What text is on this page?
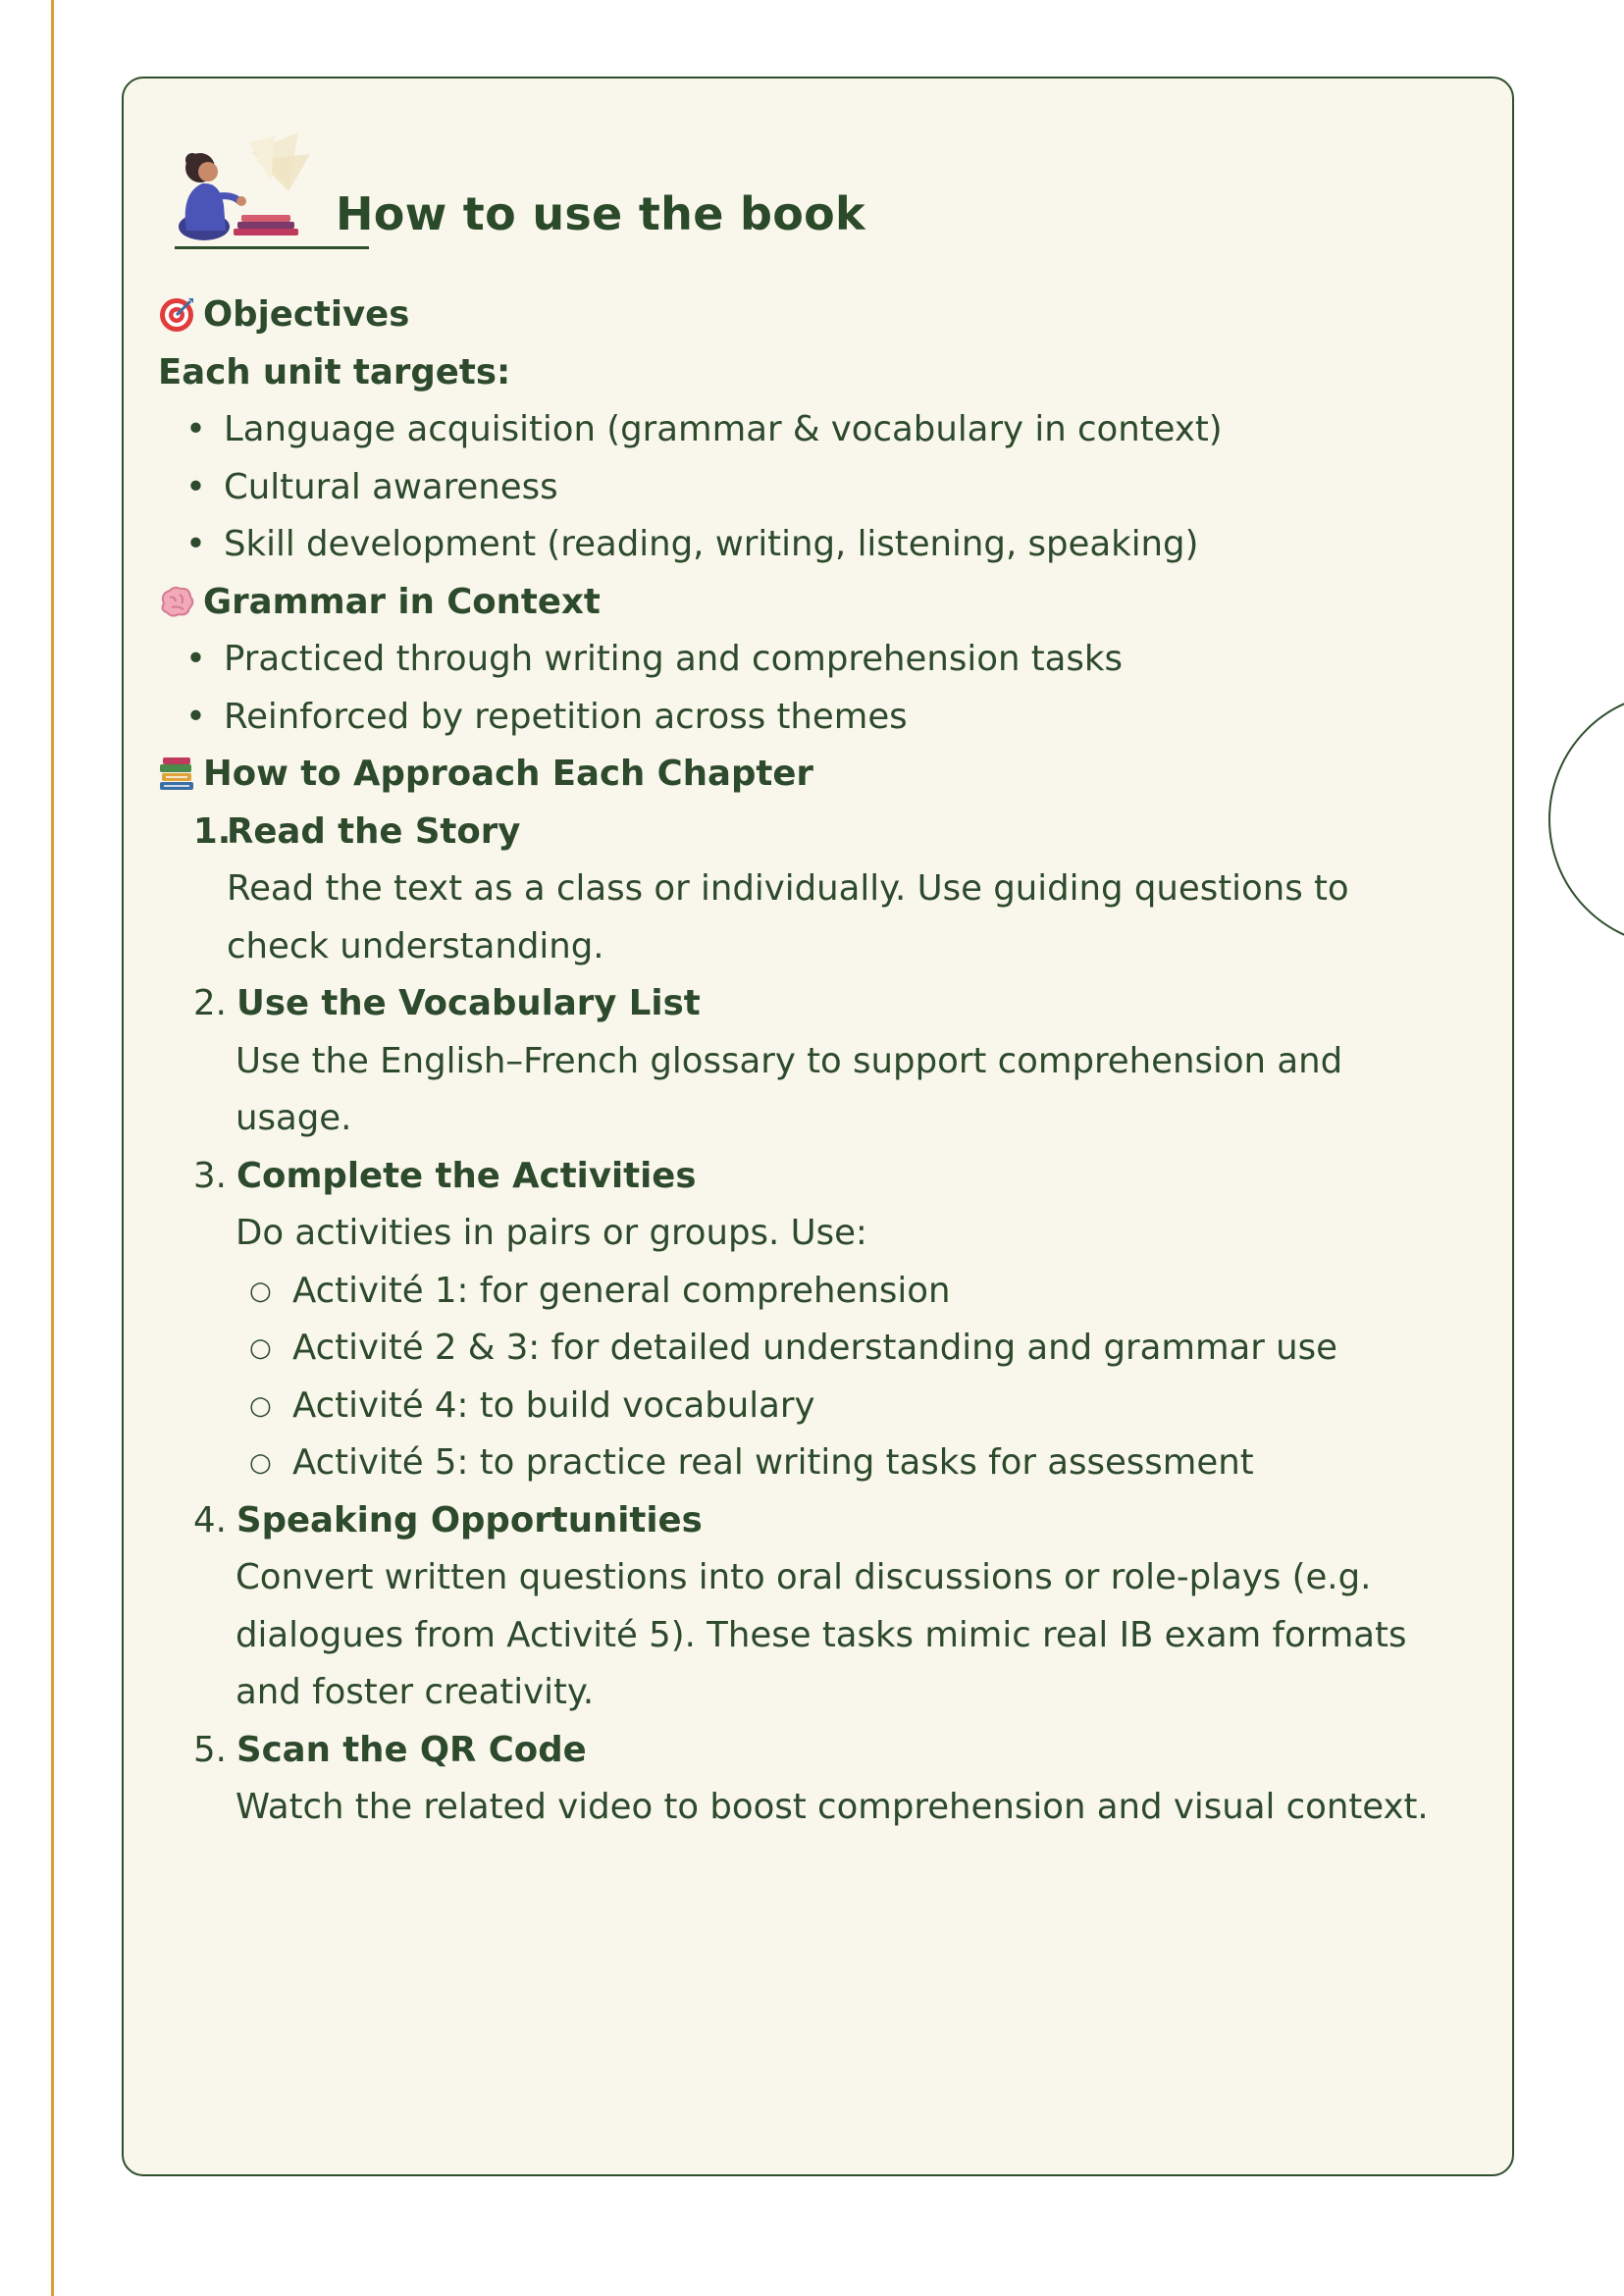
How to use the book
Objectives
Each unit targets:
• Language acquisition (grammar & vocabulary in context)
• Cultural awareness
• Skill development (reading, writing, listening, speaking)
Grammar in Context
• Practiced through writing and comprehension tasks
• Reinforced by repetition across themes
How to Approach Each Chapter
1.
Read the Story
Read the text as a class or individually. Use guiding questions to
check understanding.
2. Use the Vocabulary List
Use the English–French glossary to support comprehension and
usage.
3. Complete the Activities
Do activities in pairs or groups. Use:
○ Activité 1: for general comprehension
○ Activité 2 & 3: for detailed understanding and grammar use
○ Activité 4: to build vocabulary
○ Activité 5: to practice real writing tasks for assessment
4. Speaking Opportunities
Convert written questions into oral discussions or role-plays (e.g.
dialogues from Activité 5). These tasks mimic real IB exam formats
and foster creativity.
5. Scan the QR Code
Watch the related video to boost comprehension and visual context.
